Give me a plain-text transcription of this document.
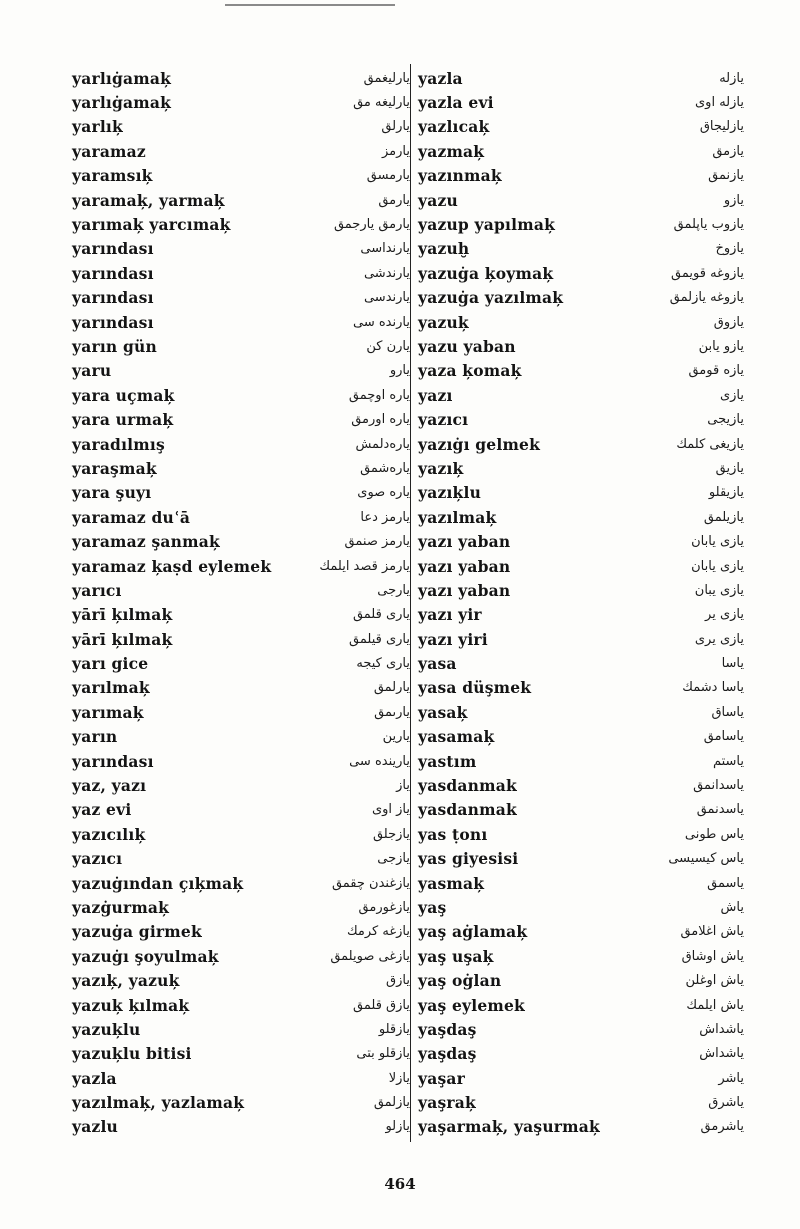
yarlıġamaķ	يارليغمق
yarlıġamaķ	يارليغه مق
yarlıķ	يارلق
yaramaz	يارمز
yaramsıķ	يارمسق
yaramaķ, yarmaķ	يارمق
yarımaķ yarcımaķ	يارمق يارجمق
yarındası	يارنداسى
yarındası	يارندشى
yarındası	يارندسى
yarındası	يارنده سى
yarın gün	يارن كن
yaru	يارو
yara uçmaķ	ياره اوچمق
yara urmaķ	ياره اورمق
yaradılmış	يارەدلمش
yaraşmaķ	يارەشمق
yara şuyı	ياره صوى
yaramaz duʿā	يارمز دعا
yaramaz şanmaķ	يارمز صنمق
yaramaz ķaṣd eylemek	يارمز قصد ايلمك
yarıcı	يارجى
yārī ķılmaķ	يارى قلمق
yārī ķılmaķ	يارى قيلمق
yarı gice	يارى كيجه
yarılmaķ	يارلمق
yarımaķ	يارىمق
yarın	يارين
yarındası	يارينده سى
yaz, yazı	ياز
yaz evi	ياز اوى
yazıcılıķ	يازجلق
yazıcı	يازجى
yazuġından çıķmaķ	يازغندن چقمق
yazġurmaķ	يازغورمق
yazuġa girmek	يازغه كرمك
yazuġı şoyulmaķ	يازغى صويلمق
yazıķ, yazuķ	يازق
yazuķ ķılmaķ	يازق قلمق
yazuķlu	يازقلو
yazuķlu bitisi	يازقلو بتى
yazla	يازلا
yazılmaķ, yazlamaķ	يازلمق
yazlu	يازلو
yazla	يازله
yazla evi	يازله اوى
yazlıcaķ	يازليجاق
yazmaķ	يازمق
yazınmaķ	يازنمق
yazu	يازو
yazup yapılmaķ	يازوب ياپلمق
yazuḫ	يازوخ
yazuġa ķoymaķ	يازوغه قويمق
yazuġa yazılmaķ	يازوغه يازلمق
yazuķ	يازوق
yazu yaban	يازو يابن
yaza ķomaķ	يازه قومق
yazı	يازى
yazıcı	يازيجى
yazıġı gelmek	يازيغى كلمك
yazıķ	يازيق
yazıķlu	يازيقلو
yazılmaķ	يازيلمق
yazı yaban	يازى يابان
yazı yaban	يازى يابان
yazı yaban	يازى يبان
yazı yir	يازى ير
yazı yiri	يازى يرى
yasa	ياسا
yasa düşmek	ياسا دشمك
yasaķ	ياساق
yasamaķ	ياسامق
yastım	ياستم
yasdanmak	ياسدانمق
yasdanmak	ياسدنمق
yas ṭonı	ياس طونى
yas giyesisi	ياس كيسيسى
yasmaķ	ياسمق
yaş	ياش
yaş aġlamaķ	ياش اغلامق
yaş uşaķ	ياش اوشاق
yaş oġlan	ياش اوغلن
yaş eylemek	ياش ايلمك
yaşdaş	ياشداش
yaşdaş	ياشداش
yaşar	ياشر
yaşraķ	ياشرق
yaşarmaķ, yaşurmaķ	ياشرمق
464
